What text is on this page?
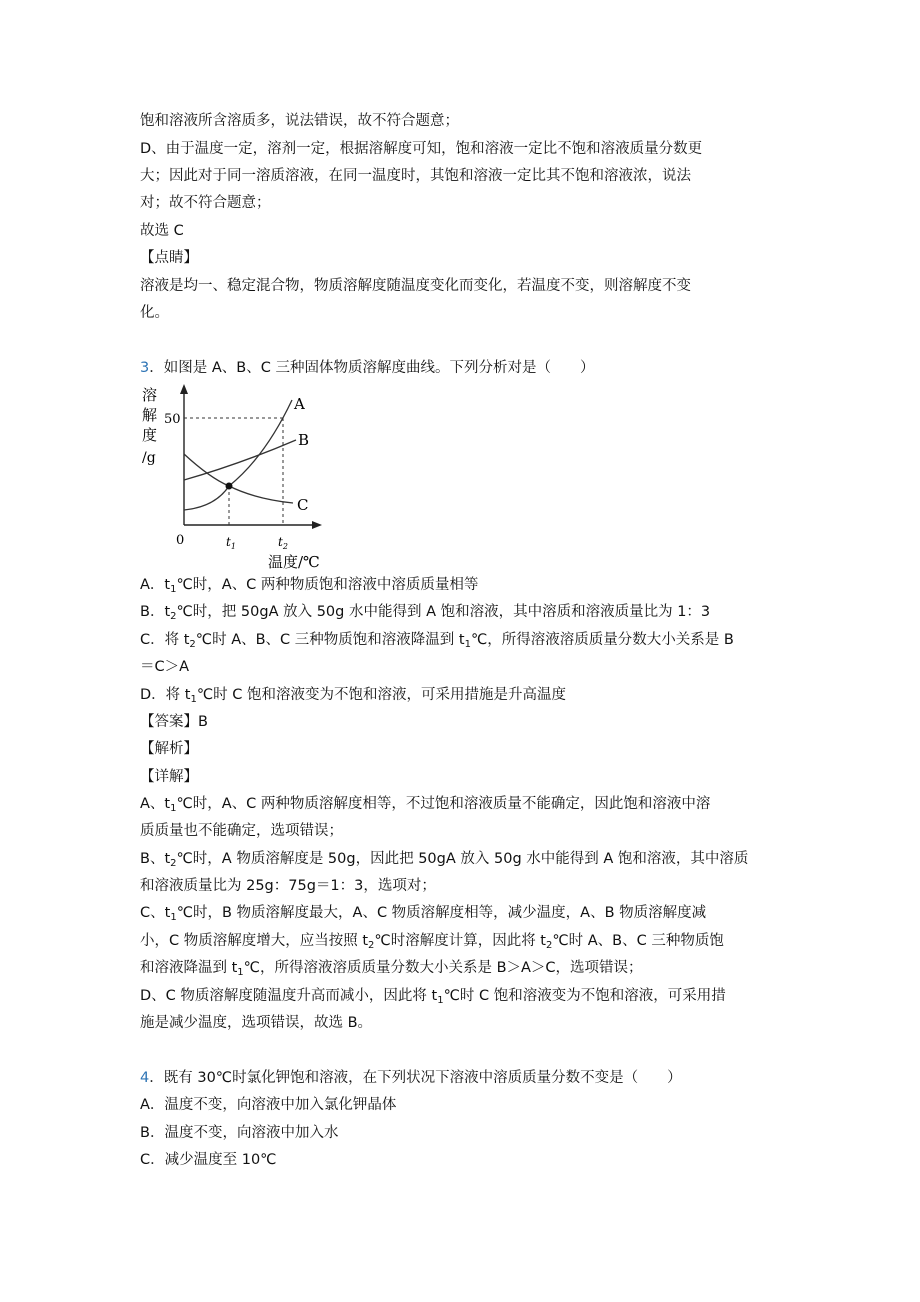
饱和溶液所含溶质多，说法错误，故不符合题意；
D、由于温度一定，溶剂一定，根据溶解度可知，饱和溶液一定比不饱和溶液质量分数更
大；因此对于同一溶质溶液，在同一温度时，其饱和溶液一定比其不饱和溶液浓，说法
对；故不符合题意；
故选 C
【点睛】
溶液是均一、稳定混合物，物质溶解度随温度变化而变化，若温度不变，则溶解度不变
化。
3．如图是 A、B、C 三种固体物质溶解度曲线。下列分析对是（　　）
溶
解
度
/g
0
50
$t_1$	$t_2$
温度/℃
A
B
C
A．$t_1℃$时，A、C 两种物质饱和溶液中溶质质量相等
B．$t_2℃$时，把 50gA 放入 50g 水中能得到 A 饱和溶液，其中溶质和溶液质量比为 1：3
C．将 $t_2℃$时 A、B、C 三种物质饱和溶液降温到 $t_1℃$，所得溶液溶质质量分数大小关系是 B
＝C＞A
D．将 $t_1℃$时 C 饱和溶液变为不饱和溶液，可采用措施是升高温度
【答案】B
【解析】
【详解】
A、$t_1℃$时，A、C 两种物质溶解度相等，不过饱和溶液质量不能确定，因此饱和溶液中溶
质质量也不能确定，选项错误；
B、$t_2℃$时，A 物质溶解度是 50g，因此把 50gA 放入 50g 水中能得到 A 饱和溶液，其中溶质
和溶液质量比为 25g：75g＝1：3，选项对；
C、$t_1℃$时，B 物质溶解度最大，A、C 物质溶解度相等，减少温度，A、B 物质溶解度减
小，C 物质溶解度增大，应当按照 $t_2℃$时溶解度计算，因此将 $t_2℃$时 A、B、C 三种物质饱
和溶液降温到 $t_1℃$，所得溶液溶质质量分数大小关系是 B＞A＞C，选项错误；
D、C 物质溶解度随温度升高而减小，因此将 $t_1℃$时 C 饱和溶液变为不饱和溶液，可采用措
施是减少温度，选项错误，故选 B。
4．既有 30℃时氯化钾饱和溶液，在下列状况下溶液中溶质质量分数不变是（　　）
A．温度不变，向溶液中加入氯化钾晶体
B．温度不变，向溶液中加入水
C．减少温度至 10℃
